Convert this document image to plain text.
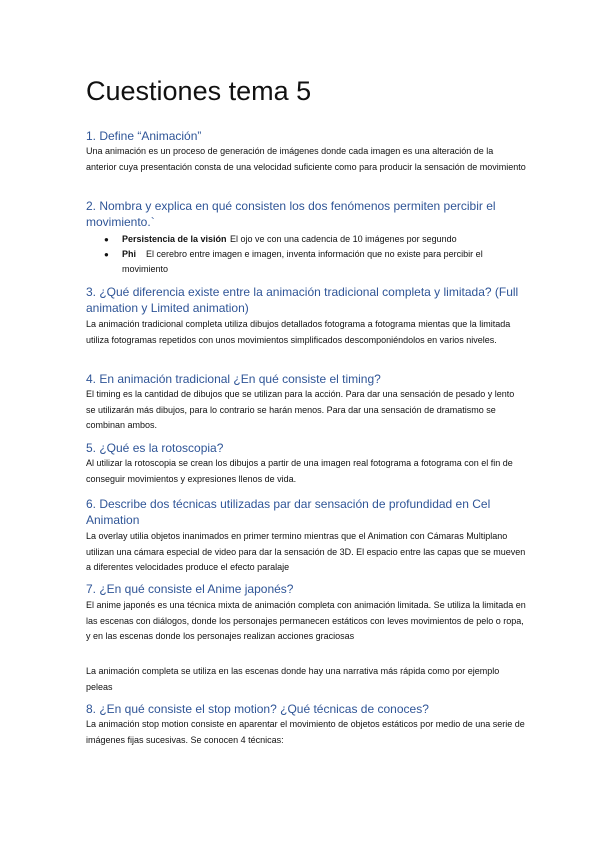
Cuestiones tema 5
1. Define “Animación”

Una animación es un proceso de generación de imágenes donde cada imagen es una alteración de la anterior cuya presentación consta de una velocidad suficiente como para producir la sensación de movimiento

2. Nombra y explica en qué consisten los dos fenómenos permiten percibir el movimiento.`
● Persistencia de la visión El ojo ve con una cadencia de 10 imágenes por segundo
● Phi	El cerebro entre imagen e imagen, inventa información que no existe para percibir el movimiento
3. ¿Qué diferencia existe entre la animación tradicional completa y limitada? (Full animation y Limited animation)

La animación tradicional completa utiliza dibujos detallados fotograma a fotograma mientas que la limitada utiliza fotogramas repetidos con unos movimientos simplificados descomponiéndolos en varios niveles.

4. En animación tradicional ¿En qué consiste el timing?

El timing es la cantidad de dibujos que se utilizan para la acción. Para dar una sensación de pesado y lento se utilizarán más dibujos, para lo contrario se harán menos. Para dar una sensación de dramatismo se combinan ambos.

5. ¿Qué es la rotoscopia?

Al utilizar la rotoscopia se crean los dibujos a partir de una imagen real fotograma a fotograma con el fin de conseguir movimientos y expresiones llenos de vida.

6. Describe dos técnicas utilizadas par dar sensación de profundidad en Cel Animation

La overlay utilia objetos inanimados en primer termino mientras que el Animation con Cámaras Multiplano utilizan una cámara especial de video para dar la sensación de 3D. El espacio entre las capas que se mueven a diferentes velocidades produce el efecto paralaje

7. ¿En qué consiste el Anime japonés?

El anime japonés es una técnica mixta de animación completa con animación limitada. Se utiliza la limitada en las escenas con diálogos, donde los personajes permanecen estáticos con leves movimientos de pelo o ropa, y en las escenas donde los personajes realizan acciones graciosas

La animación completa se utiliza en las escenas donde hay una narrativa más rápida como por ejemplo peleas

8. ¿En qué consiste el stop motion? ¿Qué técnicas de conoces?

La animación stop motion consiste en aparentar el movimiento de objetos estáticos por medio de una serie de imágenes fijas sucesivas. Se conocen 4 técnicas:
